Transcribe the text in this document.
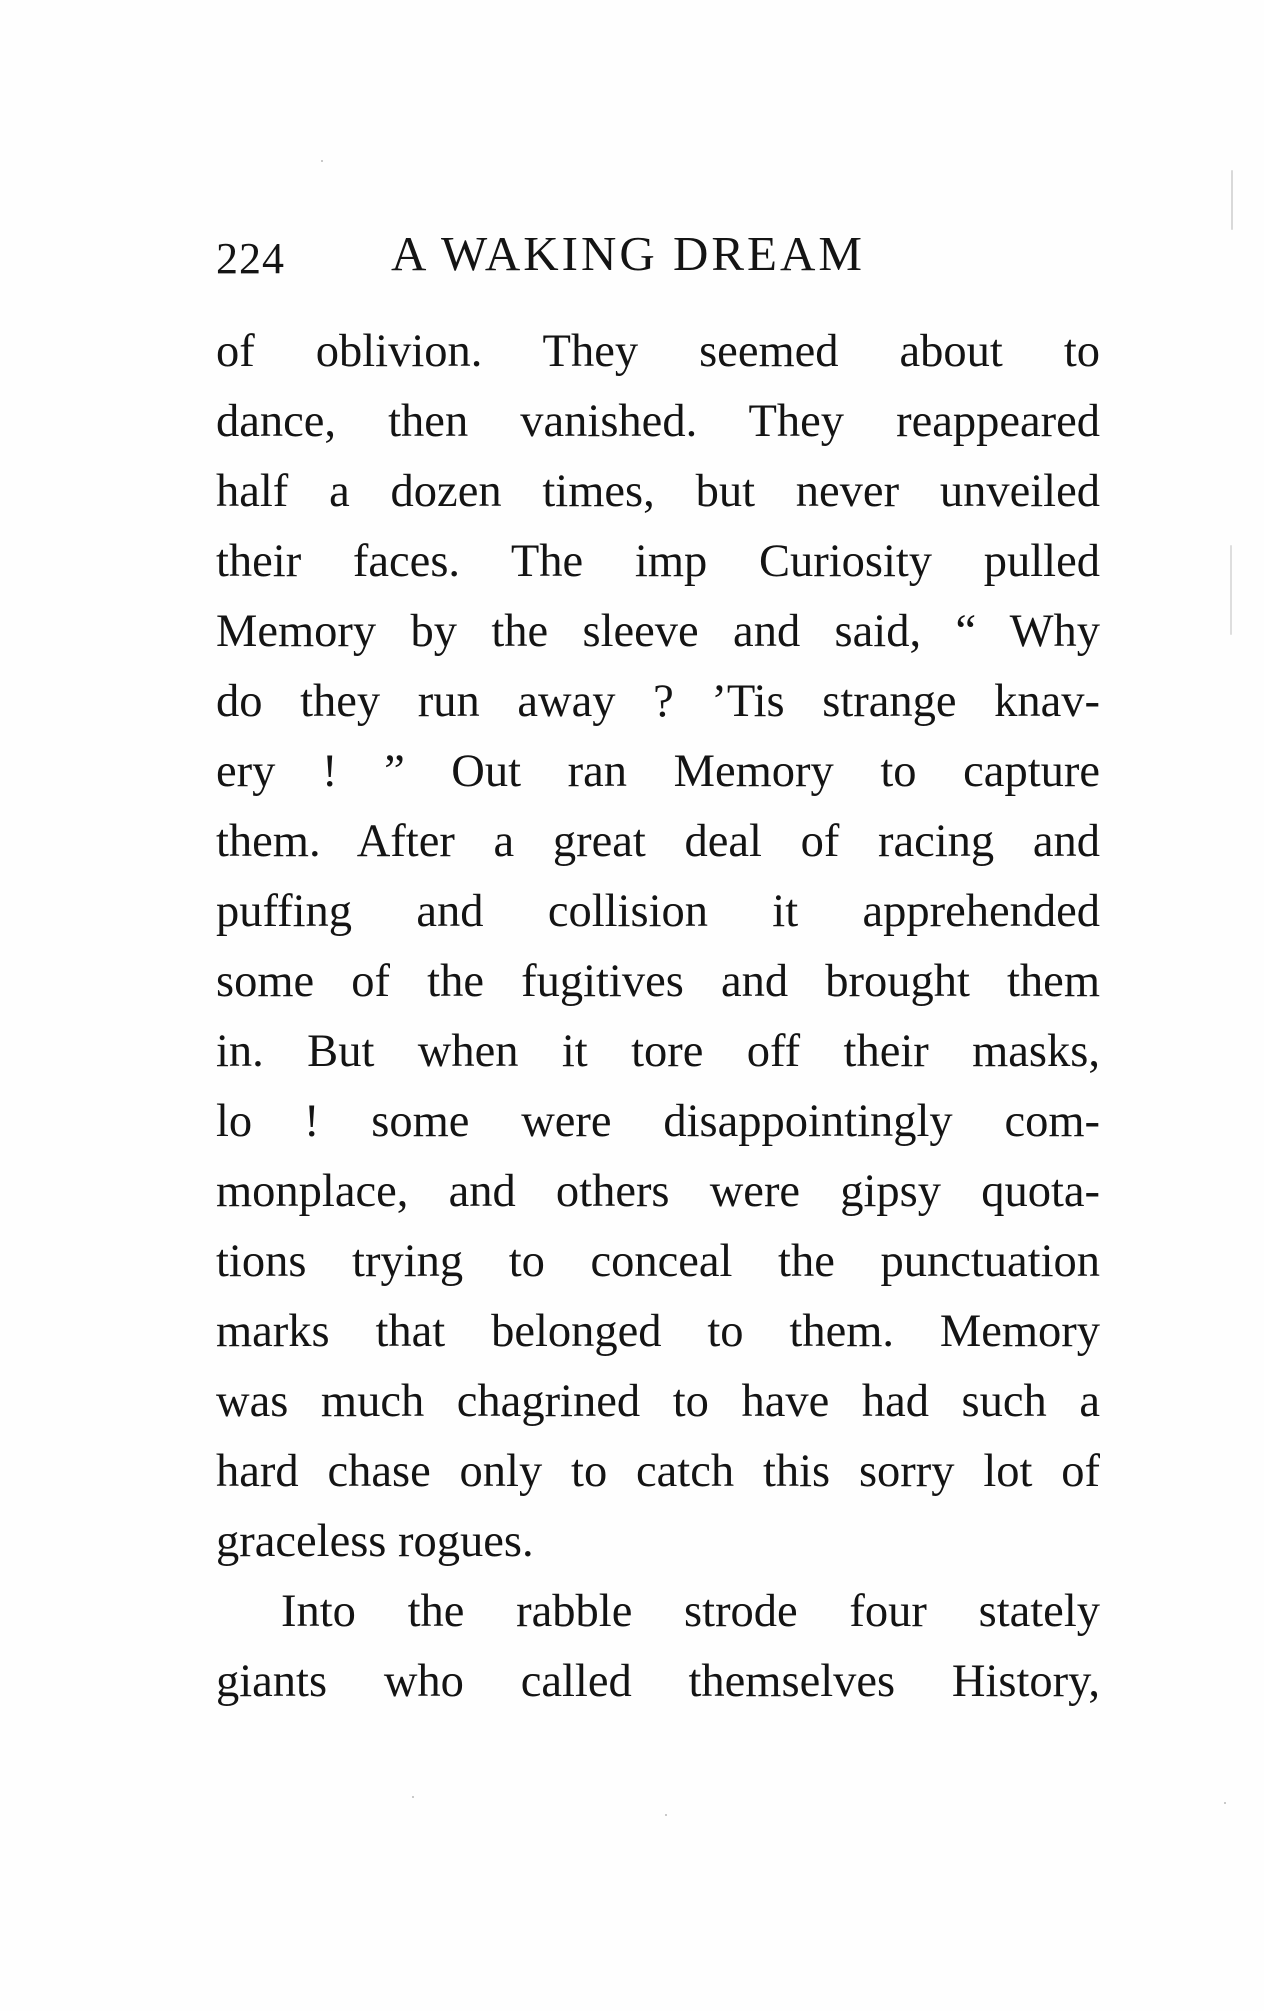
224 A WAKING DREAM
of oblivion. They seemed about to
dance, then vanished. They reappeared
half a dozen times, but never unveiled
their faces. The imp Curiosity pulled
Memory by the sleeve and said, “ Why
do they run away ? ’Tis strange knav-
ery ! ” Out ran Memory to capture
them. After a great deal of racing and
puffing and collision it apprehended
some of the fugitives and brought them
in. But when it tore off their masks,
lo ! some were disappointingly com-
monplace, and others were gipsy quota-
tions trying to conceal the punctuation
marks that belonged to them. Memory
was much chagrined to have had such a
hard chase only to catch this sorry lot of
graceless rogues.
Into the rabble strode four stately
giants who called themselves History,
